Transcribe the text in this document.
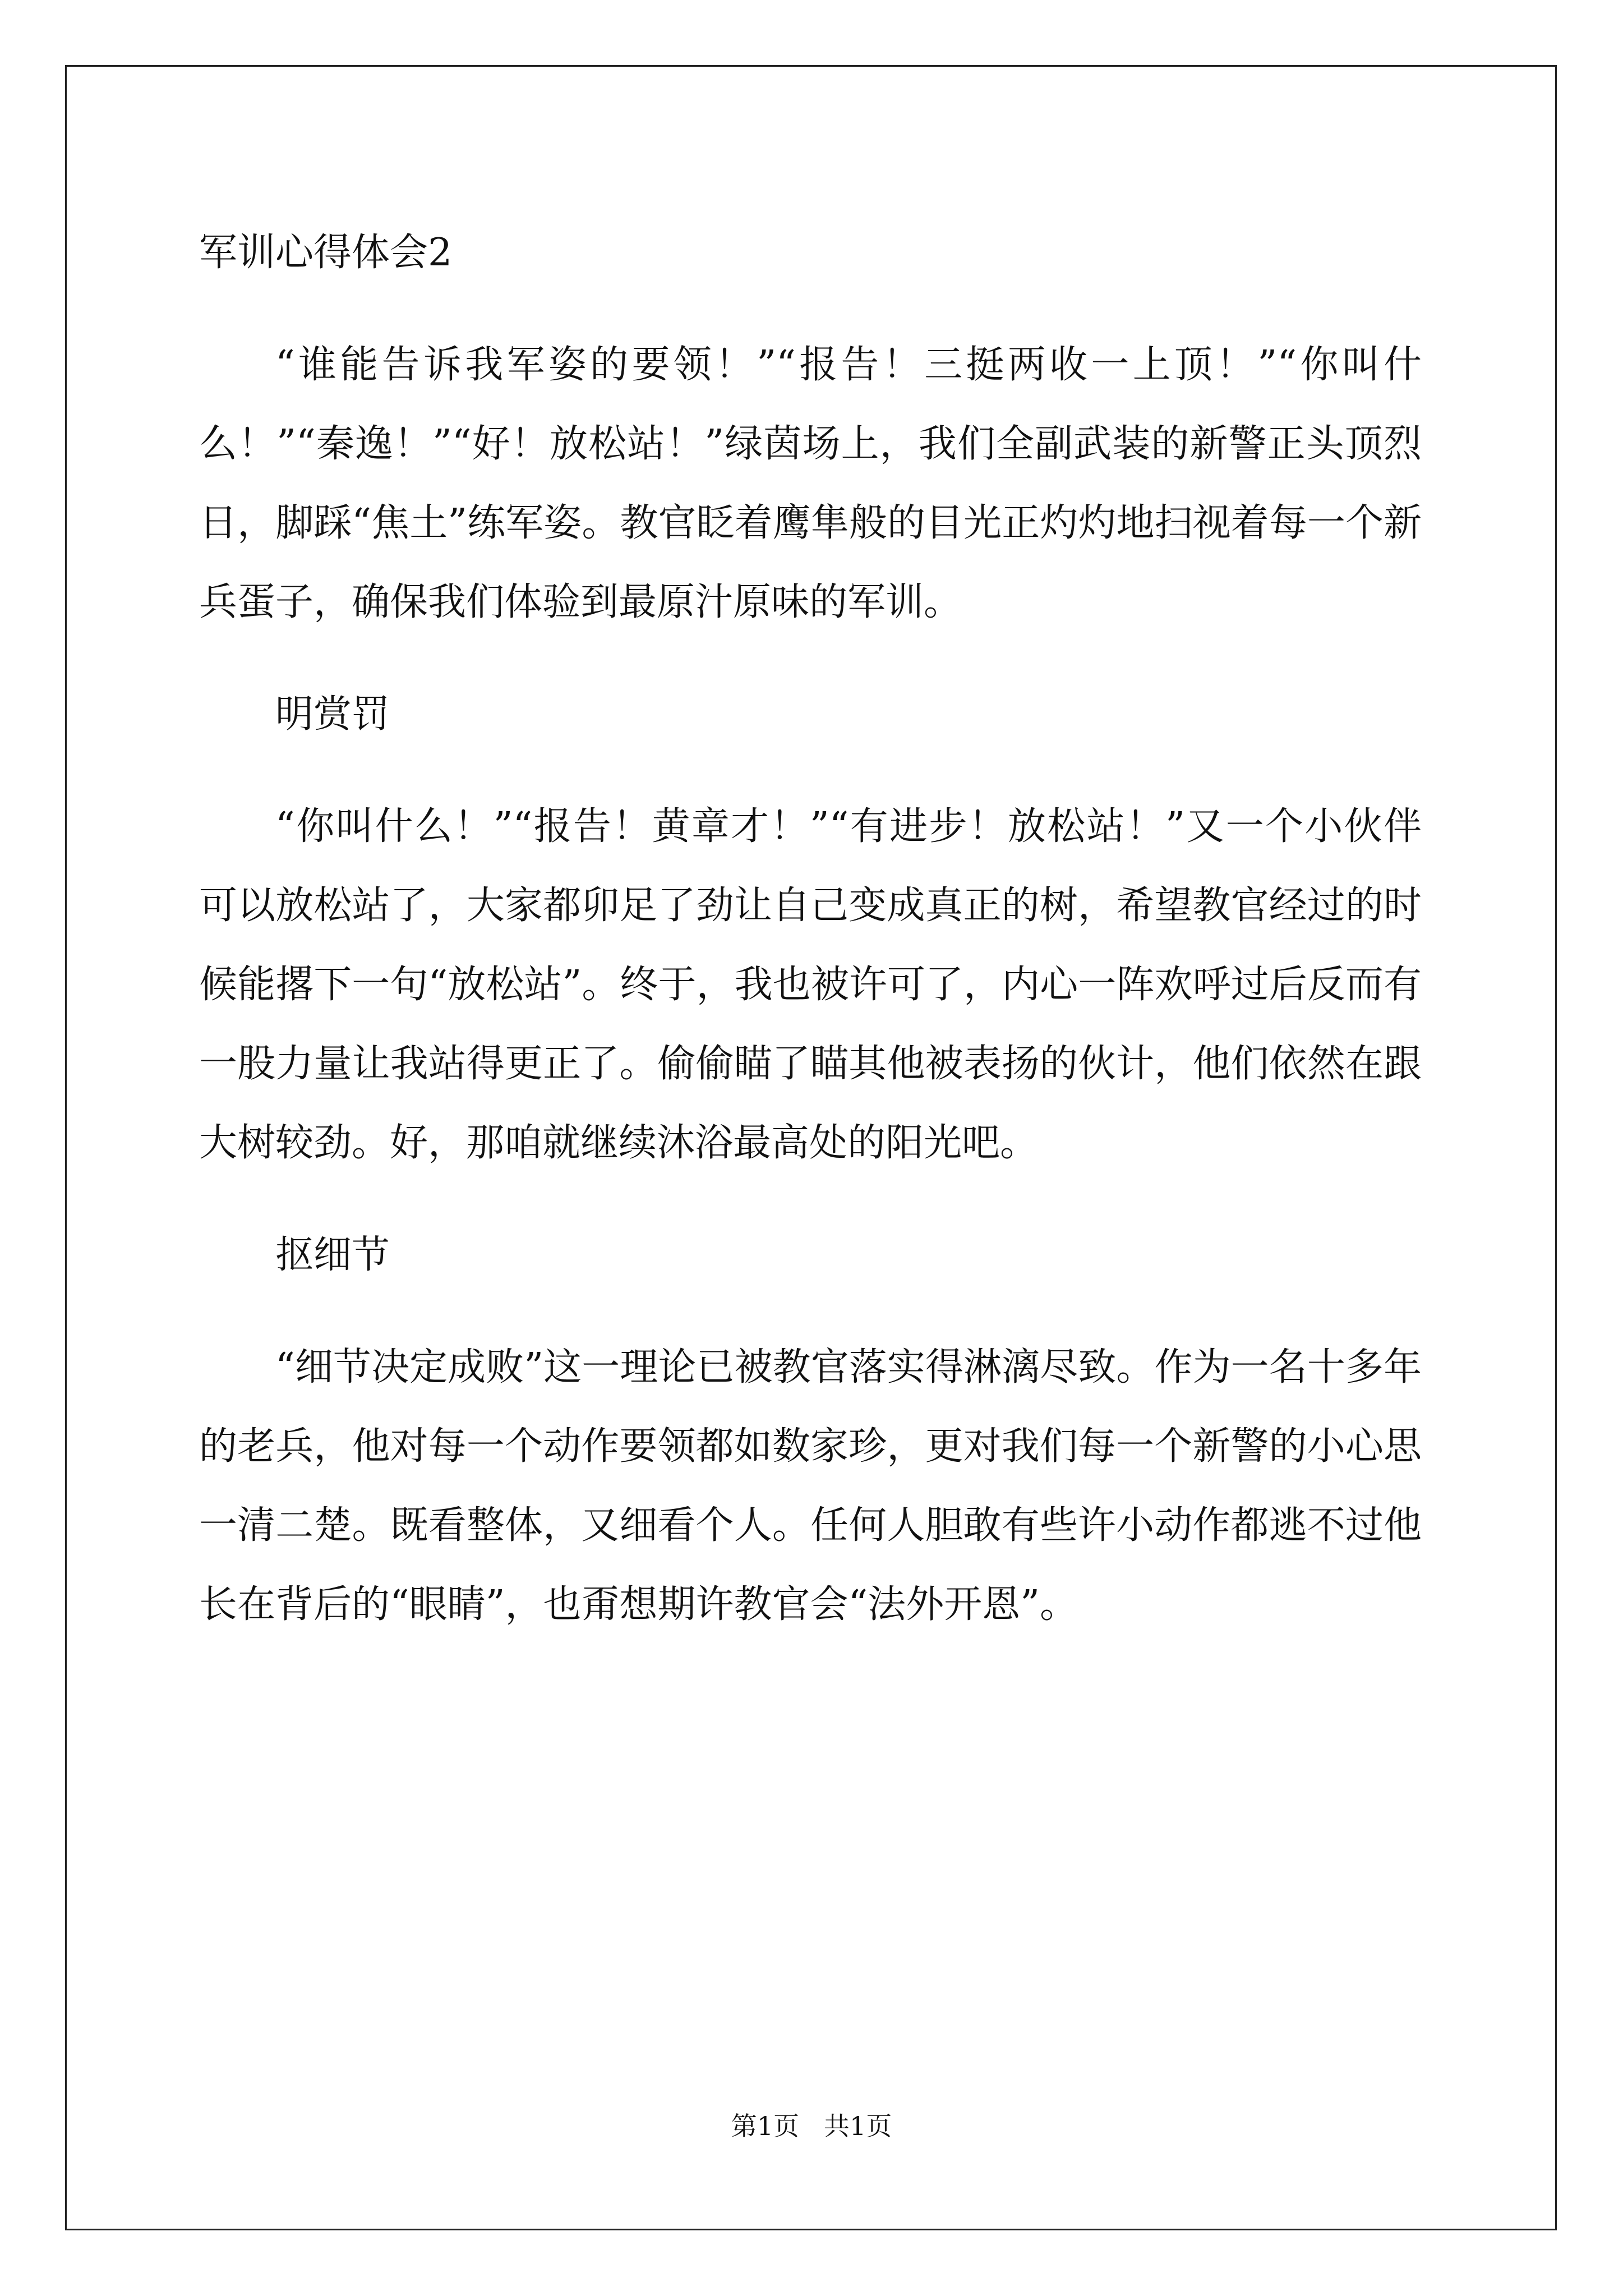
军训心得体会2

“谁能告诉我军姿的要领！”“报告！三挺两收一上顶！”“你叫什么！”“秦逸！”“好！放松站！”绿茵场上，我们全副武装的新警正头顶烈日，脚踩“焦土”练军姿。教官眨着鹰隼般的目光正灼灼地扫视着每一个新兵蛋子，确保我们体验到最原汁原味的军训。

明赏罚

“你叫什么！”“报告！黄章才！”“有进步！放松站！”又一个小伙伴可以放松站了，大家都卯足了劲让自己变成真正的树，希望教官经过的时候能撂下一句“放松站”。终于，我也被许可了，内心一阵欢呼过后反而有一股力量让我站得更正了。偷偷瞄了瞄其他被表扬的伙计，他们依然在跟大树较劲。好，那咱就继续沐浴最高处的阳光吧。

抠细节

“细节决定成败”这一理论已被教官落实得淋漓尽致。作为一名十多年的老兵，他对每一个动作要领都如数家珍，更对我们每一个新警的小心思一清二楚。既看整体，又细看个人。任何人胆敢有些许小动作都逃不过他长在背后的“眼睛”，也甭想期许教官会“法外开恩”。

第1页 共1页
